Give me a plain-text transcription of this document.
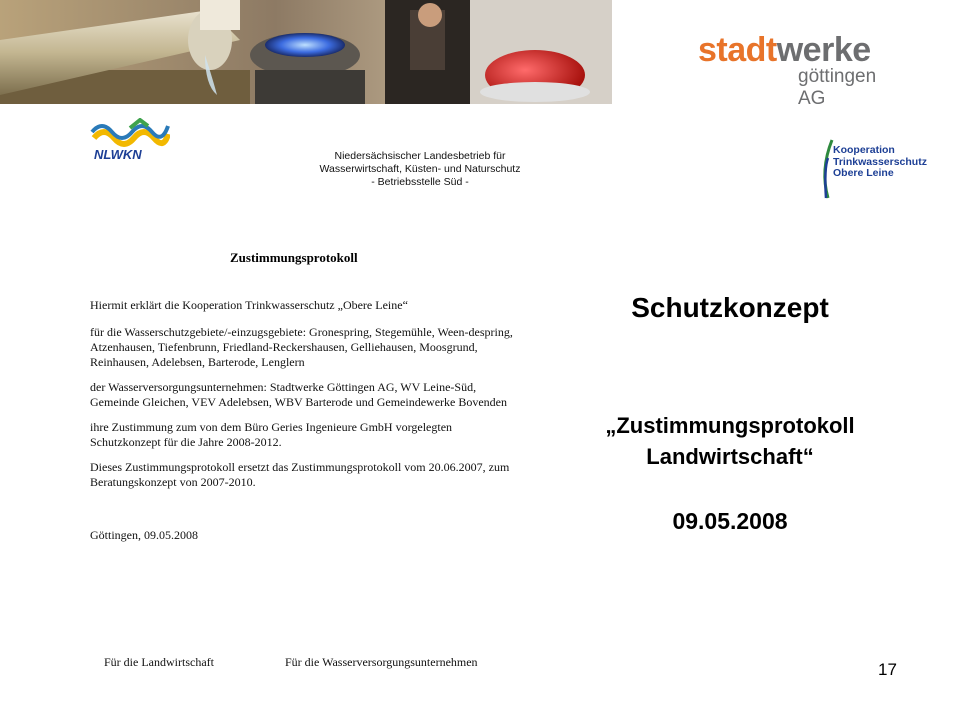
stadtwerke
göttingen AG
NLWKN	Niedersächsischer Landesbetrieb für
Wasserwirtschaft, Küsten- und Naturschutz
- Betriebsstelle Süd -
Kooperation
Trinkwasserschutz
Obere Leine
Zustimmungsprotokoll

Hiermit erklärt die Kooperation Trinkwasserschutz „Obere Leine“

für die Wasserschutzgebiete/-einzugsgebiete: Gronespring, Stegemühle, Ween-despring, Atzenhausen, Tiefenbrunn, Friedland-Reckershausen, Gelliehausen, Moosgrund, Reinhausen, Adelebsen, Barterode, Lenglern

der Wasserversorgungsunternehmen: Stadtwerke Göttingen AG, WV Leine-Süd, Gemeinde Gleichen, VEV Adelebsen, WBV Barterode und Gemeindewerke Bovenden

ihre Zustimmung zum von dem Büro Geries Ingenieure GmbH vorgelegten Schutzkonzept für die Jahre 2008-2012.

Dieses Zustimmungsprotokoll ersetzt das Zustimmungsprotokoll vom 20.06.2007, zum Beratungskonzept von 2007-2010.

Göttingen, 09.05.2008

Für die Landwirtschaft	Für die Wasserversorgungsunternehmen
Schutzkonzept
„Zustimmungsprotokoll
Landwirtschaft“
09.05.2008
17
